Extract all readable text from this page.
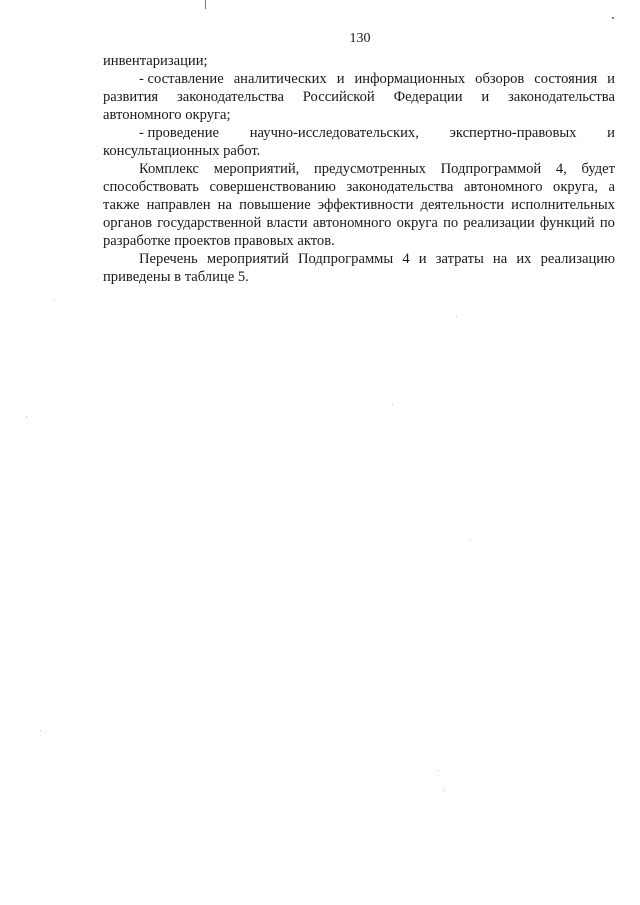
130
инвентаризации;
- составление аналитических и информационных обзоров состояния и
развития законодательства Российской Федерации и законодательства
автономного округа;
- проведение научно-исследовательских, экспертно-правовых и
консультационных работ.
Комплекс мероприятий, предусмотренных Подпрограммой 4, будет
способствовать совершенствованию законодательства автономного округа, а
также направлен на повышение эффективности деятельности исполнительных
органов государственной власти автономного округа по реализации функций по
разработке проектов правовых актов.
Перечень мероприятий Подпрограммы 4 и затраты на их реализацию
приведены в таблице 5.
